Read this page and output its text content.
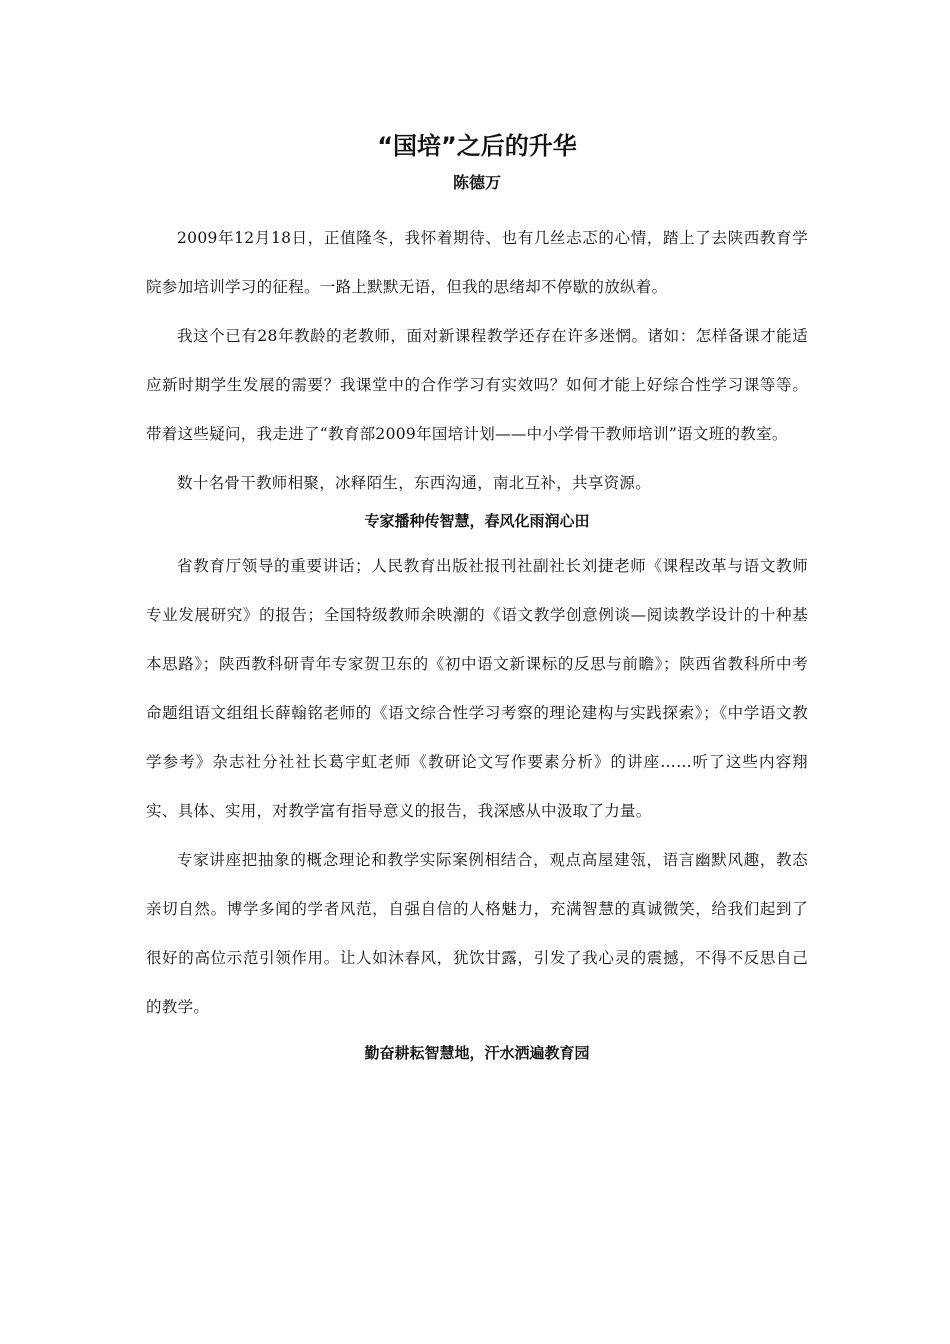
“国培”之后的升华
陈德万

2009年12月18日，正值隆冬，我怀着期待、也有几丝忐忑的心情，踏上了去陕西教育学院参加培训学习的征程。一路上默默无语，但我的思绪却不停歇的放纵着。

我这个已有28年教龄的老教师，面对新课程教学还存在许多迷惘。诸如：怎样备课才能适应新时期学生发展的需要？我课堂中的合作学习有实效吗？如何才能上好综合性学习课等等。带着这些疑问，我走进了“教育部2009年国培计划——中小学骨干教师培训”语文班的教室。

数十名骨干教师相聚，冰释陌生，东西沟通，南北互补，共享资源。

专家播种传智慧，春风化雨润心田

省教育厅领导的重要讲话；人民教育出版社报刊社副社长刘捷老师《课程改革与语文教师专业发展研究》的报告；全国特级教师余映潮的《语文教学创意例谈—阅读教学设计的十种基本思路》；陕西教科研青年专家贺卫东的《初中语文新课标的反思与前瞻》；陕西省教科所中考命题组语文组组长薛翰铭老师的《语文综合性学习考察的理论建构与实践探索》；《中学语文教学参考》杂志社分社社长葛宇虹老师《教研论文写作要素分析》的讲座……听了这些内容翔实、具体、实用，对教学富有指导意义的报告，我深感从中汲取了力量。

专家讲座把抽象的概念理论和教学实际案例相结合，观点高屋建瓴，语言幽默风趣，教态亲切自然。博学多闻的学者风范，自强自信的人格魅力，充满智慧的真诚微笑，给我们起到了很好的高位示范引领作用。让人如沐春风，犹饮甘露，引发了我心灵的震撼，不得不反思自己的教学。

勤奋耕耘智慧地，汗水洒遍教育园
